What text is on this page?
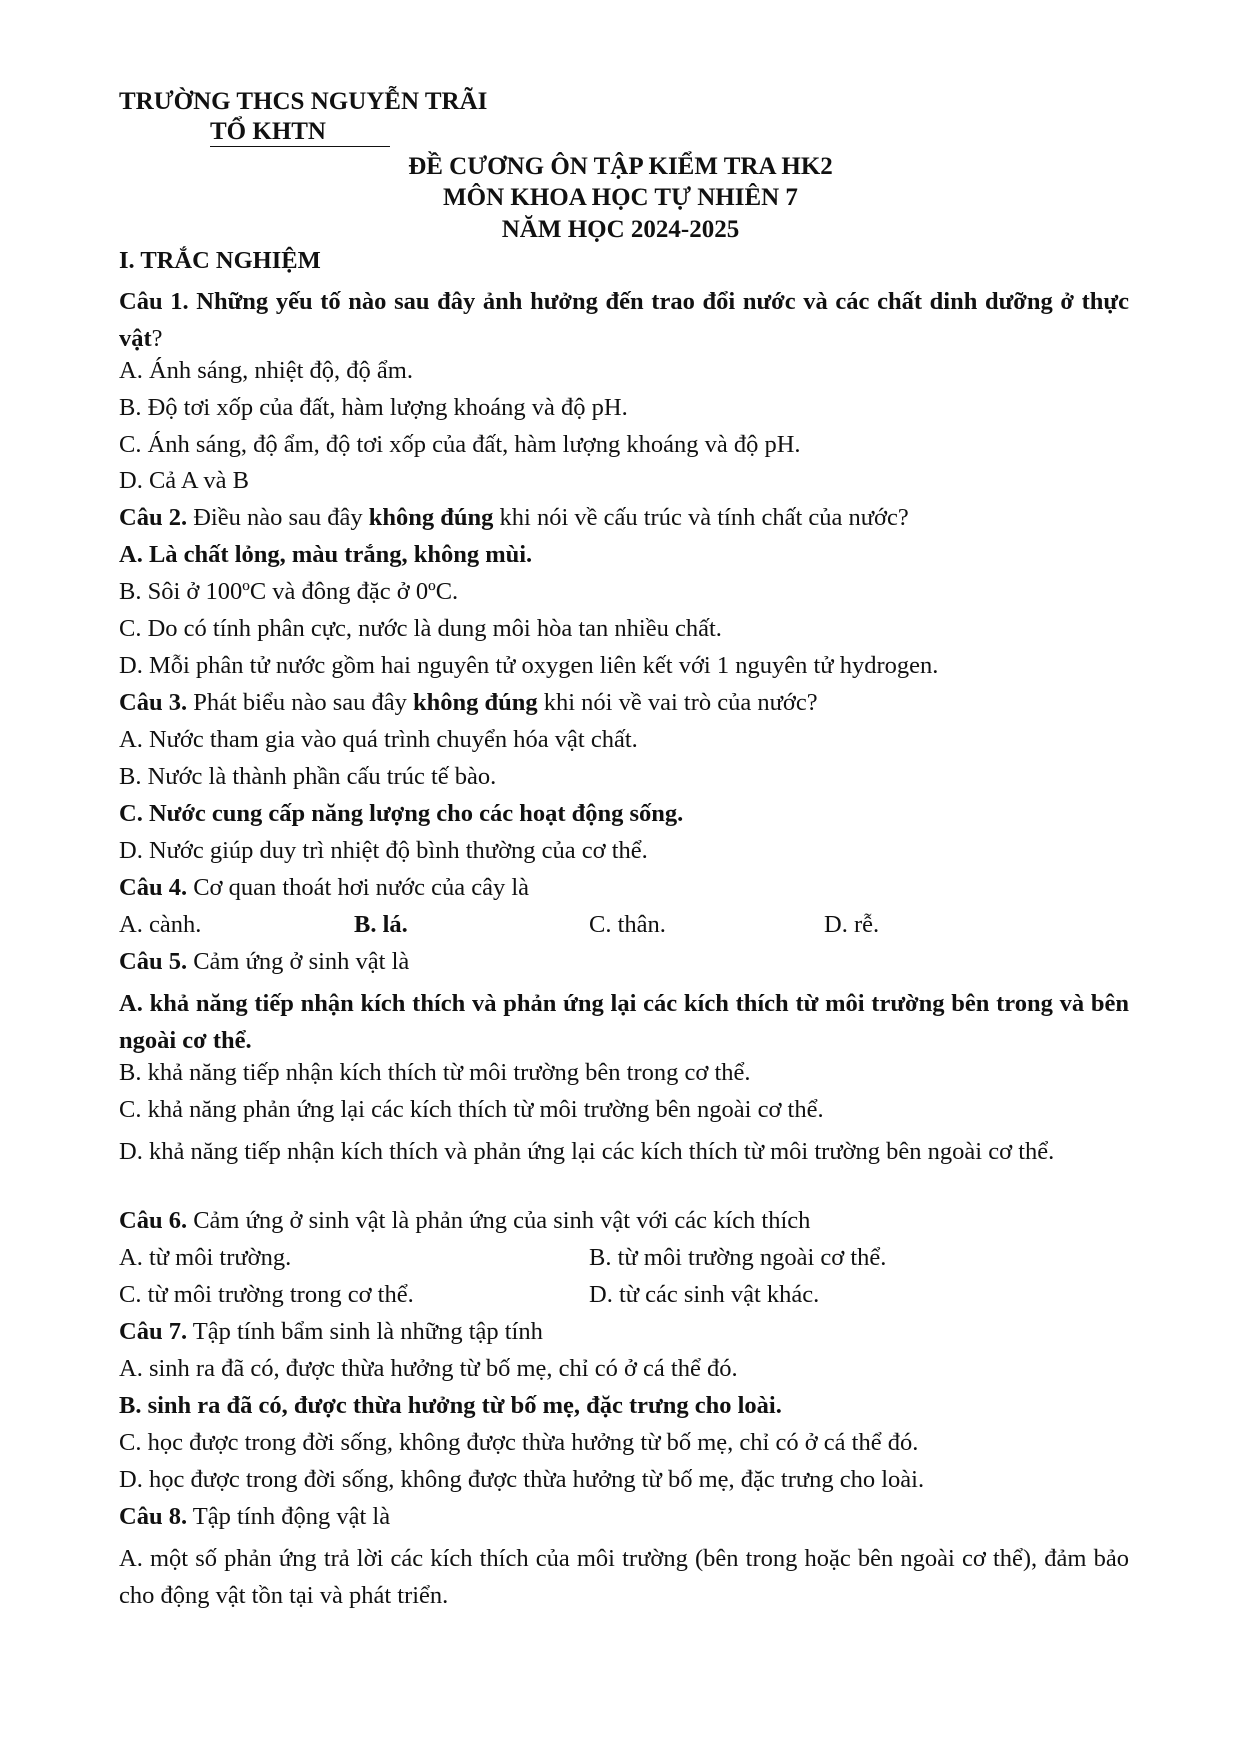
TRƯỜNG THCS NGUYỄN TRÃI
TỔ KHTN
ĐỀ CƯƠNG ÔN TẬP KIỂM TRA HK2
MÔN KHOA HỌC TỰ NHIÊN 7
NĂM HỌC 2024-2025
I. TRẮC NGHIỆM

Câu 1. Những yếu tố nào sau đây ảnh hưởng đến trao đổi nước và các chất dinh dưỡng ở thực vật?

A. Ánh sáng, nhiệt độ, độ ẩm.
B. Độ tơi xốp của đất, hàm lượng khoáng và độ pH.
C. Ánh sáng, độ ẩm, độ tơi xốp của đất, hàm lượng khoáng và độ pH.
D. Cả A và B
Câu 2. Điều nào sau đây không đúng khi nói về cấu trúc và tính chất của nước?
A. Là chất lỏng, màu trắng, không mùi.
B. Sôi ở 100ºC và đông đặc ở 0ºC.
C. Do có tính phân cực, nước là dung môi hòa tan nhiều chất.
D. Mỗi phân tử nước gồm hai nguyên tử oxygen liên kết với 1 nguyên tử hydrogen.
Câu 3. Phát biểu nào sau đây không đúng khi nói về vai trò của nước?
A. Nước tham gia vào quá trình chuyển hóa vật chất.
B. Nước là thành phần cấu trúc tế bào.
C. Nước cung cấp năng lượng cho các hoạt động sống.
D. Nước giúp duy trì nhiệt độ bình thường của cơ thể.
Câu 4. Cơ quan thoát hơi nước của cây là
A. cành.	B. lá.	C. thân.	D. rễ.
Câu 5. Cảm ứng ở sinh vật là

A. khả năng tiếp nhận kích thích và phản ứng lại các kích thích từ môi trường bên trong và bên ngoài cơ thể.

B. khả năng tiếp nhận kích thích từ môi trường bên trong cơ thể.
C. khả năng phản ứng lại các kích thích từ môi trường bên ngoài cơ thể.

D. khả năng tiếp nhận kích thích và phản ứng lại các kích thích từ môi trường bên ngoài cơ thể.

Câu 6. Cảm ứng ở sinh vật là phản ứng của sinh vật với các kích thích
A. từ môi trường.	B. từ môi trường ngoài cơ thể.
C. từ môi trường trong cơ thể.	D. từ các sinh vật khác.
Câu 7. Tập tính bẩm sinh là những tập tính
A. sinh ra đã có, được thừa hưởng từ bố mẹ, chỉ có ở cá thể đó.
B. sinh ra đã có, được thừa hưởng từ bố mẹ, đặc trưng cho loài.
C. học được trong đời sống, không được thừa hưởng từ bố mẹ, chỉ có ở cá thể đó.
D. học được trong đời sống, không được thừa hưởng từ bố mẹ, đặc trưng cho loài.
Câu 8. Tập tính động vật là

A. một số phản ứng trả lời các kích thích của môi trường (bên trong hoặc bên ngoài cơ thể), đảm bảo cho động vật tồn tại và phát triển.
